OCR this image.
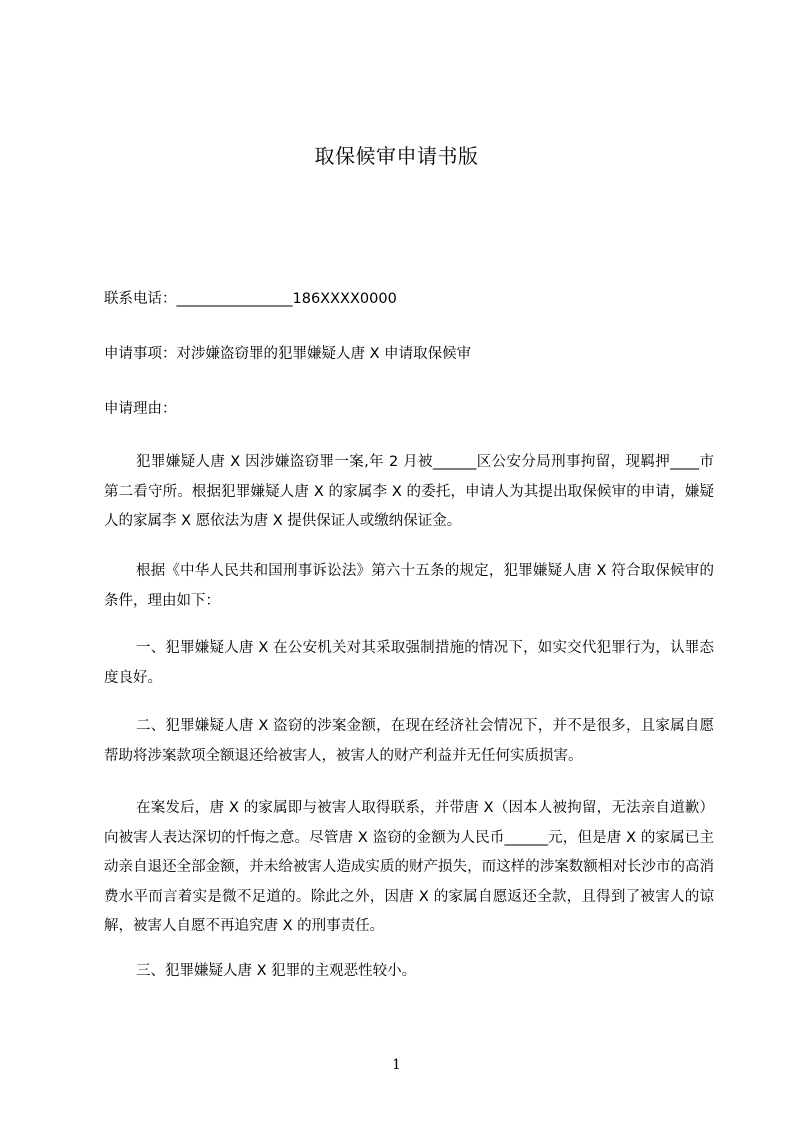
取保候审申请书版
联系电话：________________186XXXX0000
申请事项：对涉嫌盗窃罪的犯罪嫌疑人唐 X 申请取保候审
申请理由：
犯罪嫌疑人唐 X 因涉嫌盗窃罪一案,年 2 月被______区公安分局刑事拘留，现羁押____市第二看守所。根据犯罪嫌疑人唐 X 的家属李 X 的委托，申请人为其提出取保候审的申请，嫌疑人的家属李 X 愿依法为唐 X 提供保证人或缴纳保证金。
根据《中华人民共和国刑事诉讼法》第六十五条的规定，犯罪嫌疑人唐 X 符合取保候审的条件，理由如下：
一、犯罪嫌疑人唐 X 在公安机关对其采取强制措施的情况下，如实交代犯罪行为，认罪态度良好。
二、犯罪嫌疑人唐 X 盗窃的涉案金额，在现在经济社会情况下，并不是很多，且家属自愿帮助将涉案款项全额退还给被害人，被害人的财产利益并无任何实质损害。
在案发后，唐 X 的家属即与被害人取得联系，并带唐 X（因本人被拘留，无法亲自道歉）向被害人表达深切的忏悔之意。尽管唐 X 盗窃的金额为人民币______元，但是唐 X 的家属已主动亲自退还全部金额，并未给被害人造成实质的财产损失，而这样的涉案数额相对长沙市的高消费水平而言着实是微不足道的。除此之外，因唐 X 的家属自愿返还全款，且得到了被害人的谅解，被害人自愿不再追究唐 X 的刑事责任。
三、犯罪嫌疑人唐 X 犯罪的主观恶性较小。
1
